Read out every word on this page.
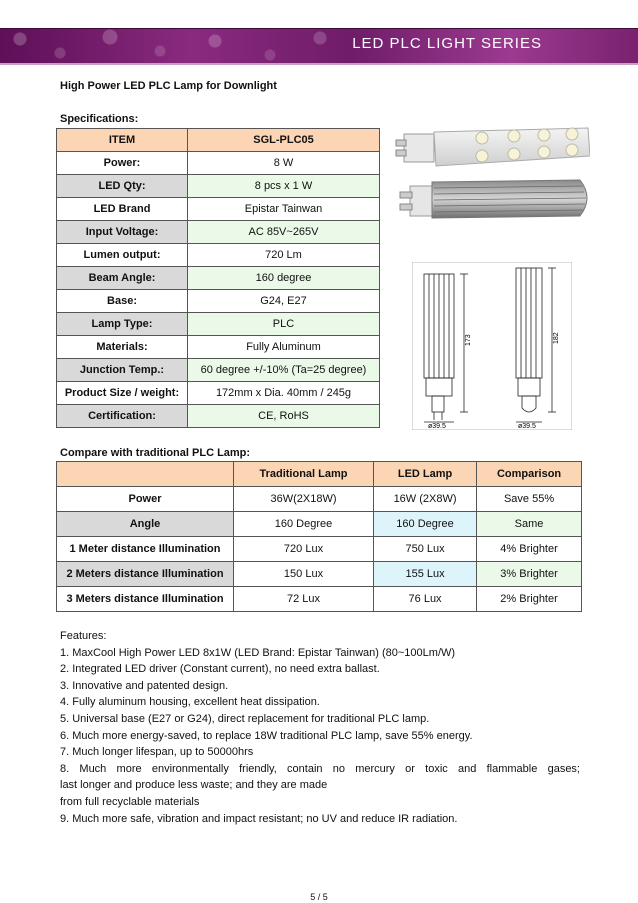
LED PLC LIGHT SERIES
High Power LED PLC Lamp for Downlight
Specifications:
ITEM	SGL-PLC05
Power:	8 W
LED Qty:	8 pcs x 1 W
LED Brand	Epistar Tainwan
Input Voltage:	AC 85V~265V
Lumen output:	720 Lm
Beam Angle:	160 degree
Base:	G24, E27
Lamp Type:	PLC
Materials:	Fully Aluminum
Junction Temp.:	60 degree +/-10% (Ta=25 degree)
Product Size / weight:	172mm x Dia. 40mm / 245g
Certification:	CE, RoHS
173	182
ø39.5	ø39.5
Compare with traditional PLC Lamp:
	Traditional Lamp	LED Lamp	Comparison
Power	36W(2X18W)	16W (2X8W)	Save 55%
Angle	160 Degree	160 Degree	Same
1 Meter distance Illumination	720 Lux	750 Lux	4% Brighter
2 Meters distance Illumination	150 Lux	155 Lux	3% Brighter
3 Meters distance Illumination	72 Lux	76 Lux	2% Brighter
Features:
1. MaxCool High Power LED 8x1W (LED Brand: Epistar Tainwan) (80~100Lm/W)
2. Integrated LED driver (Constant current), no need extra ballast.
3. Innovative and patented design.
4. Fully aluminum housing, excellent heat dissipation.
5. Universal base (E27 or G24), direct replacement for traditional PLC lamp.
6. Much more energy-saved, to replace 18W traditional PLC lamp, save 55% energy.
7. Much longer lifespan, up to 50000hrs
8. Much more environmentally friendly, contain no mercury or toxic and flammable gases;
last longer and produce less waste; and they are made
from full recyclable materials
9. Much more safe, vibration and impact resistant; no UV and reduce IR radiation.
5 / 5
